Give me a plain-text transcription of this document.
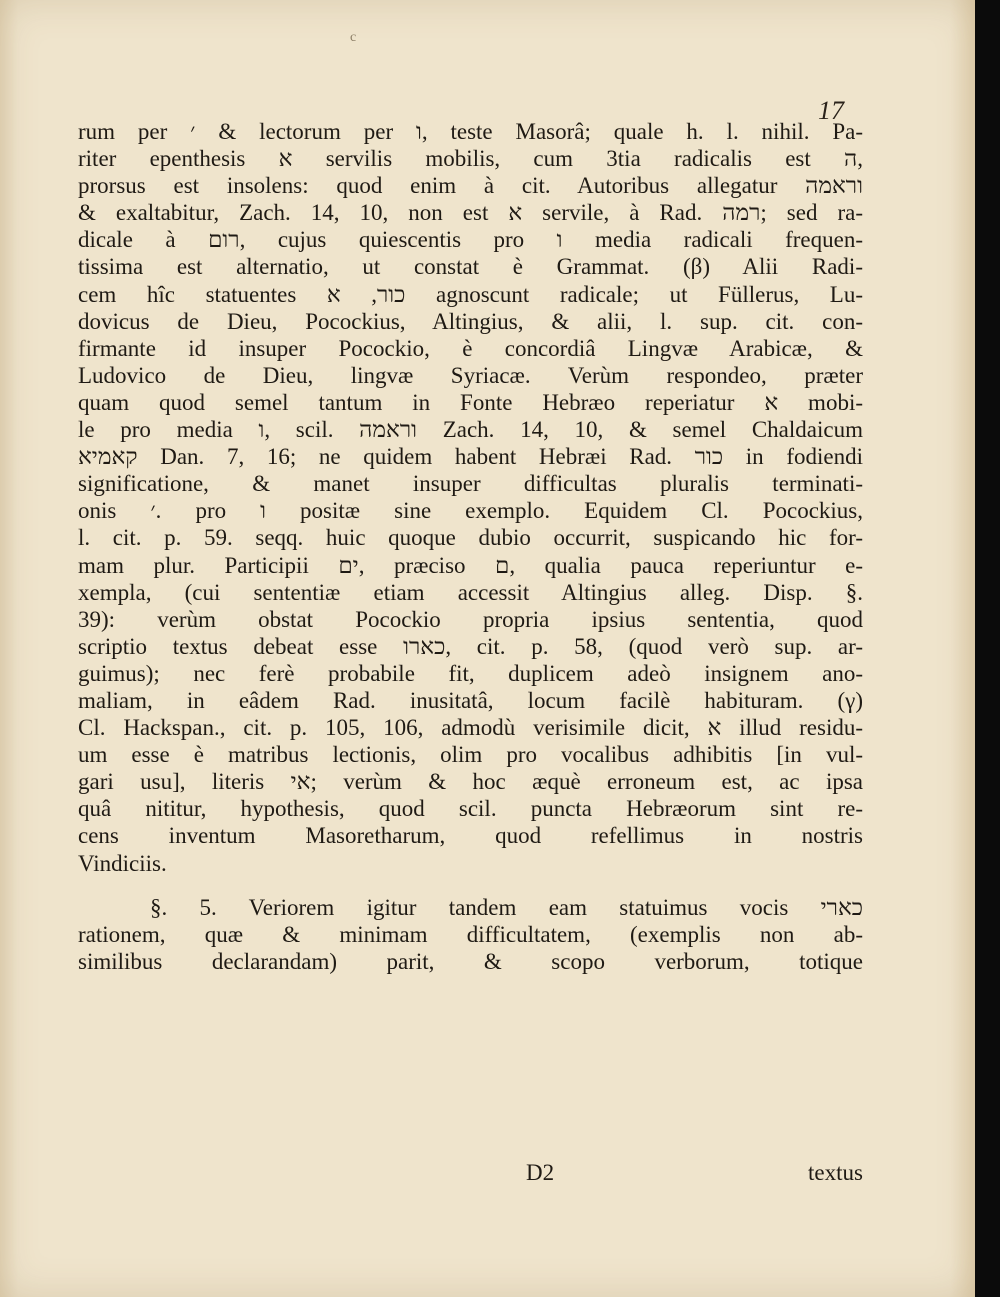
c
17
rum per ׳ & lectorum per ו, teste Masorâ; quale h. l. nihil. Pa-
riter epenthesis א servilis mobilis, cum 3tia radicalis est ה,
prorsus est insolens: quod enim à cit. Autoribus allegatur וראמה
& exaltabitur, Zach. 14, 10, non est א servile, à Rad. רמה; sed ra-
dicale à רום, cujus quiescentis pro ו media radicali frequen-
tissima est alternatio, ut constat è Grammat. (β) Alii Radi-
cem hîc statuentes כור, א agnoscunt radicale; ut Füllerus, Lu-
dovicus de Dieu, Pocockius, Altingius, & alii, l. sup. cit. con-
firmante id insuper Pocockio, è concordiâ Lingvæ Arabicæ, &
Ludovico de Dieu, lingvæ Syriacæ. Verùm respondeo, præter
quam quod semel tantum in Fonte Hebræo reperiatur א mobi-
le pro media ו, scil. וראמה Zach. 14, 10, & semel Chaldaicum
קאמיא Dan. 7, 16; ne quidem habent Hebræi Rad. כור in fodiendi
significatione, & manet insuper difficultas pluralis terminati-
onis ׳. pro ו positæ sine exemplo. Equidem Cl. Pocockius,
l. cit. p. 59. seqq. huic quoque dubio occurrit, suspicando hic for-
mam plur. Participii ים, præciso ם, qualia pauca reperiuntur e-
xempla, (cui sententiæ etiam accessit Altingius alleg. Disp. §.
39): verùm obstat Pocockio propria ipsius sententia, quod
scriptio textus debeat esse כארו, cit. p. 58, (quod verò sup. ar-
guimus); nec ferè probabile fit, duplicem adeò insignem ano-
maliam, in eâdem Rad. inusitatâ, locum facilè habituram. (γ)
Cl. Hackspan., cit. p. 105, 106, admodù verisimile dicit, א illud residu-
um esse è matribus lectionis, olim pro vocalibus adhibitis [in vul-
gari usu], literis אי; verùm & hoc æquè erroneum est, ac ipsa
quâ nititur, hypothesis, quod scil. puncta Hebræorum sint re-
cens inventum Masoretharum, quod refellimus in nostris
Vindiciis.
§. 5. Veriorem igitur tandem eam statuimus vocis כארי
rationem, quæ & minimam difficultatem, (exemplis non ab-
similibus declarandam) parit, & scopo verborum, totique
D2	textus
